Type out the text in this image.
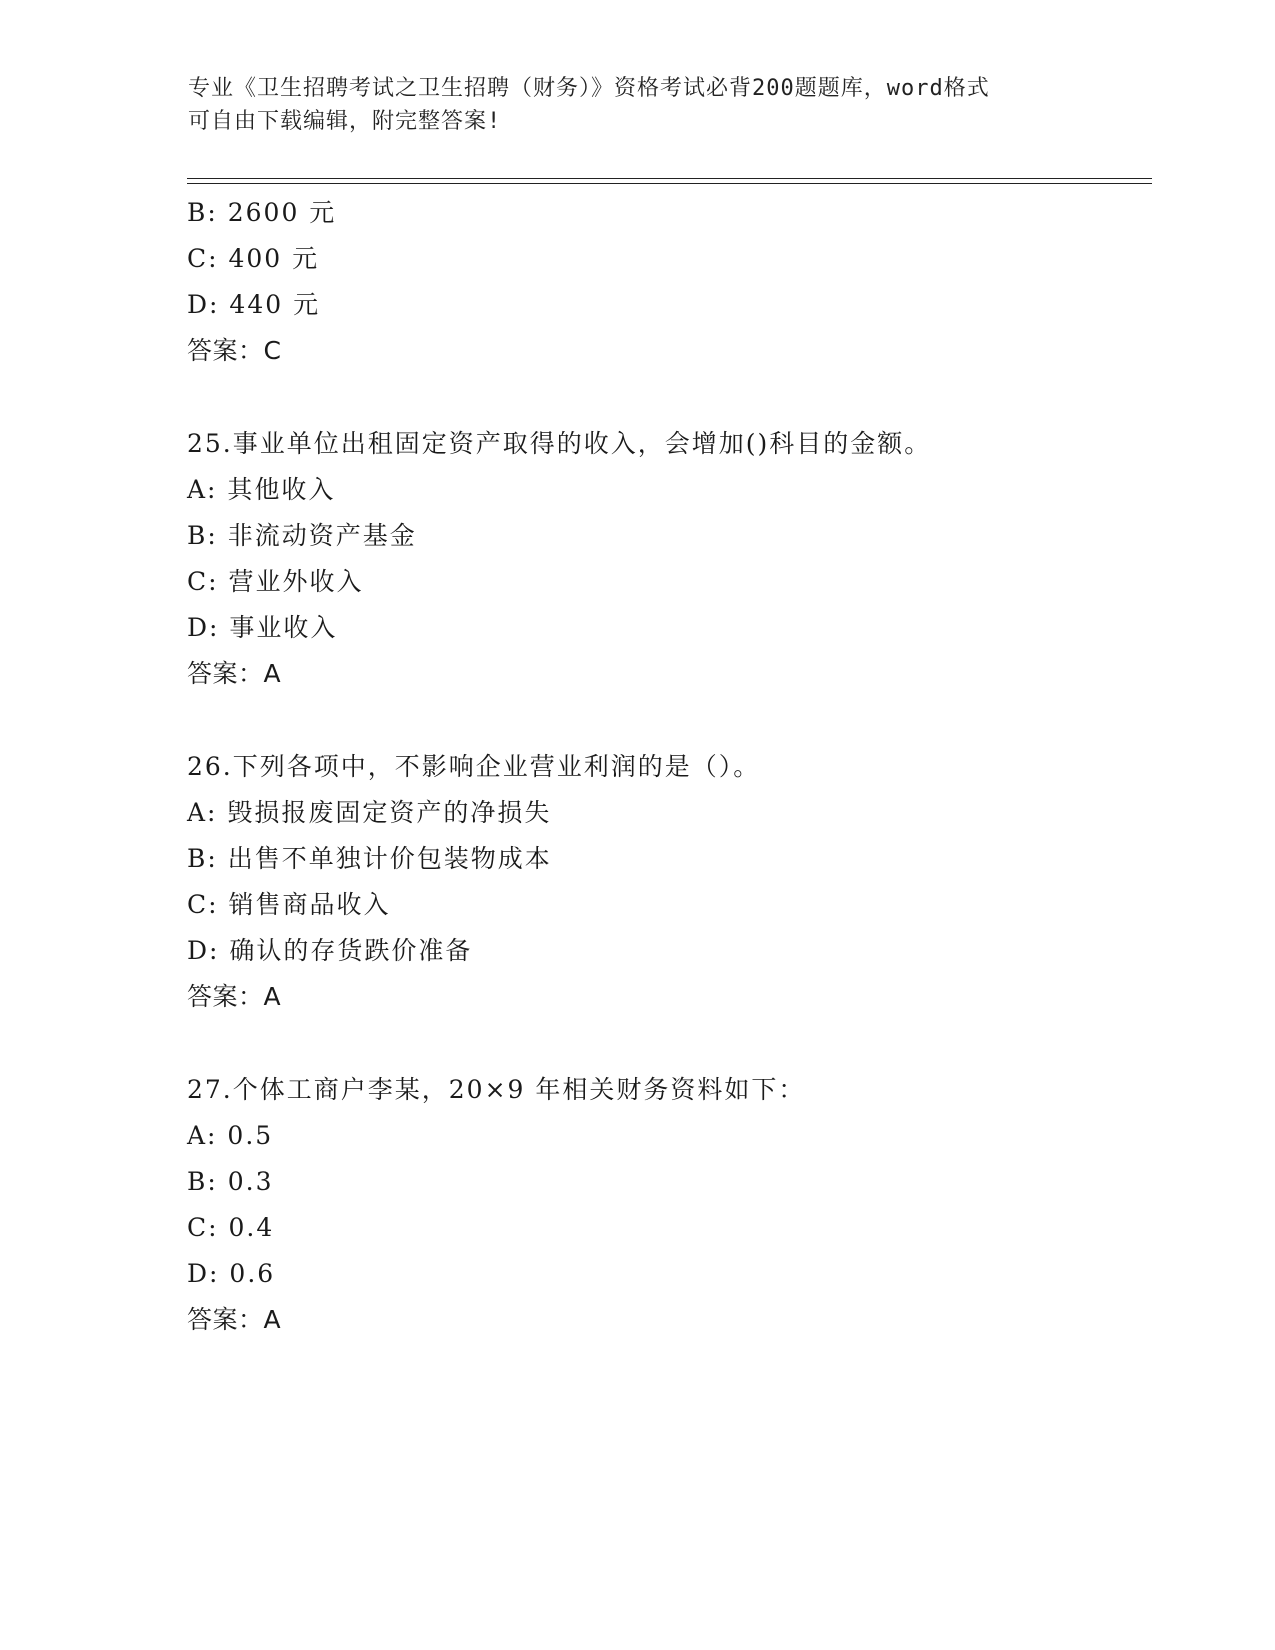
专业《卫生招聘考试之卫生招聘（财务）》资格考试必背200题题库，word格式
可自由下载编辑，附完整答案!
B: 2600 元
C: 400 元
D: 440 元
答案：C
25.事业单位出租固定资产取得的收入，会增加()科目的金额。
A: 其他收入
B: 非流动资产基金
C: 营业外收入
D: 事业收入
答案：A
26.下列各项中，不影响企业营业利润的是（）。
A: 毁损报废固定资产的净损失
B: 出售不单独计价包装物成本
C: 销售商品收入
D: 确认的存货跌价准备
答案：A
27.个体工商户李某，20×9 年相关财务资料如下：
A: 0.5
B: 0.3
C: 0.4
D: 0.6
答案：A
